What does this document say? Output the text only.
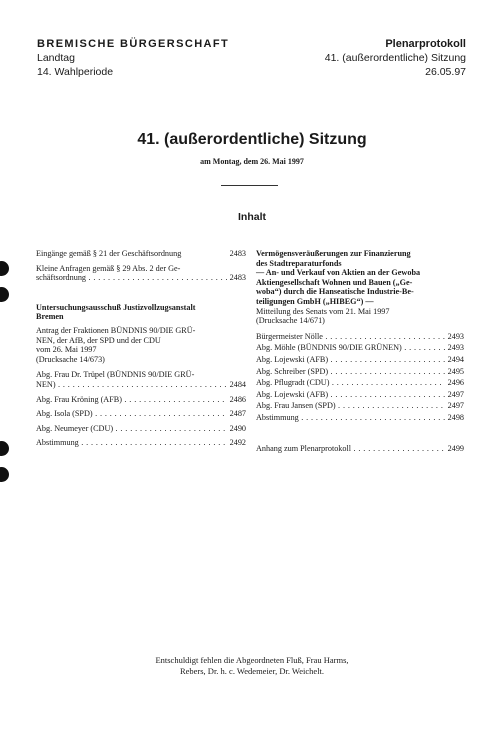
BREMISCHE BÜRGERSCHAFT
Landtag
14. Wahlperiode
Plenarprotokoll
41. (außerordentliche) Sitzung
26.05.97
41. (außerordentliche) Sitzung
am Montag, dem 26. Mai 1997
Inhalt
Eingänge gemäß § 21 der Geschäftsordnung	2483
Kleine Anfragen gemäß § 29 Abs. 2 der Ge-
schäftsordnung . . .	2483
Untersuchungsausschuß Justizvollzugsanstalt
Bremen
Antrag der Fraktionen BÜNDNIS 90/DIE GRÜ-
NEN, der AfB, der SPD und der CDU
vom 26. Mai 1997
(Drucksache 14/673)
Abg. Frau Dr. Trüpel (BÜNDNIS 90/DIE GRÜ-
NEN) . . .	2484
Abg. Frau Kröning (AFB) . . .	2486
Abg. Isola (SPD) . . .	2487
Abg. Neumeyer (CDU) . . .	2490
Abstimmung . . .	2492
Vermögensveräußerungen zur Finanzierung
des Stadtreparaturfonds
— An- und Verkauf von Aktien an der Gewoba
Aktiengesellschaft Wohnen und Bauen („Ge-
woba“) durch die Hanseatische Industrie-Be-
teiligungen GmbH („HIBEG“) —
Mitteilung des Senats vom 21. Mai 1997
(Drucksache 14/671)
Bürgermeister Nölle . . .	2493
Abg. Möhle (BÜNDNIS 90/DIE GRÜNEN) . . .	2493
Abg. Lojewski (AFB) . . .	2494
Abg. Schreiber (SPD) . . .	2495
Abg. Pflugradt (CDU) . . .	2496
Abg. Lojewski (AFB) . . .	2497
Abg. Frau Jansen (SPD) . . .	2497
Abstimmung . . .	2498
Anhang zum Plenarprotokoll . . .	2499
Entschuldigt fehlen die Abgeordneten Fluß, Frau Harms,
Rebers, Dr. h. c. Wedemeier, Dr. Weichelt.
